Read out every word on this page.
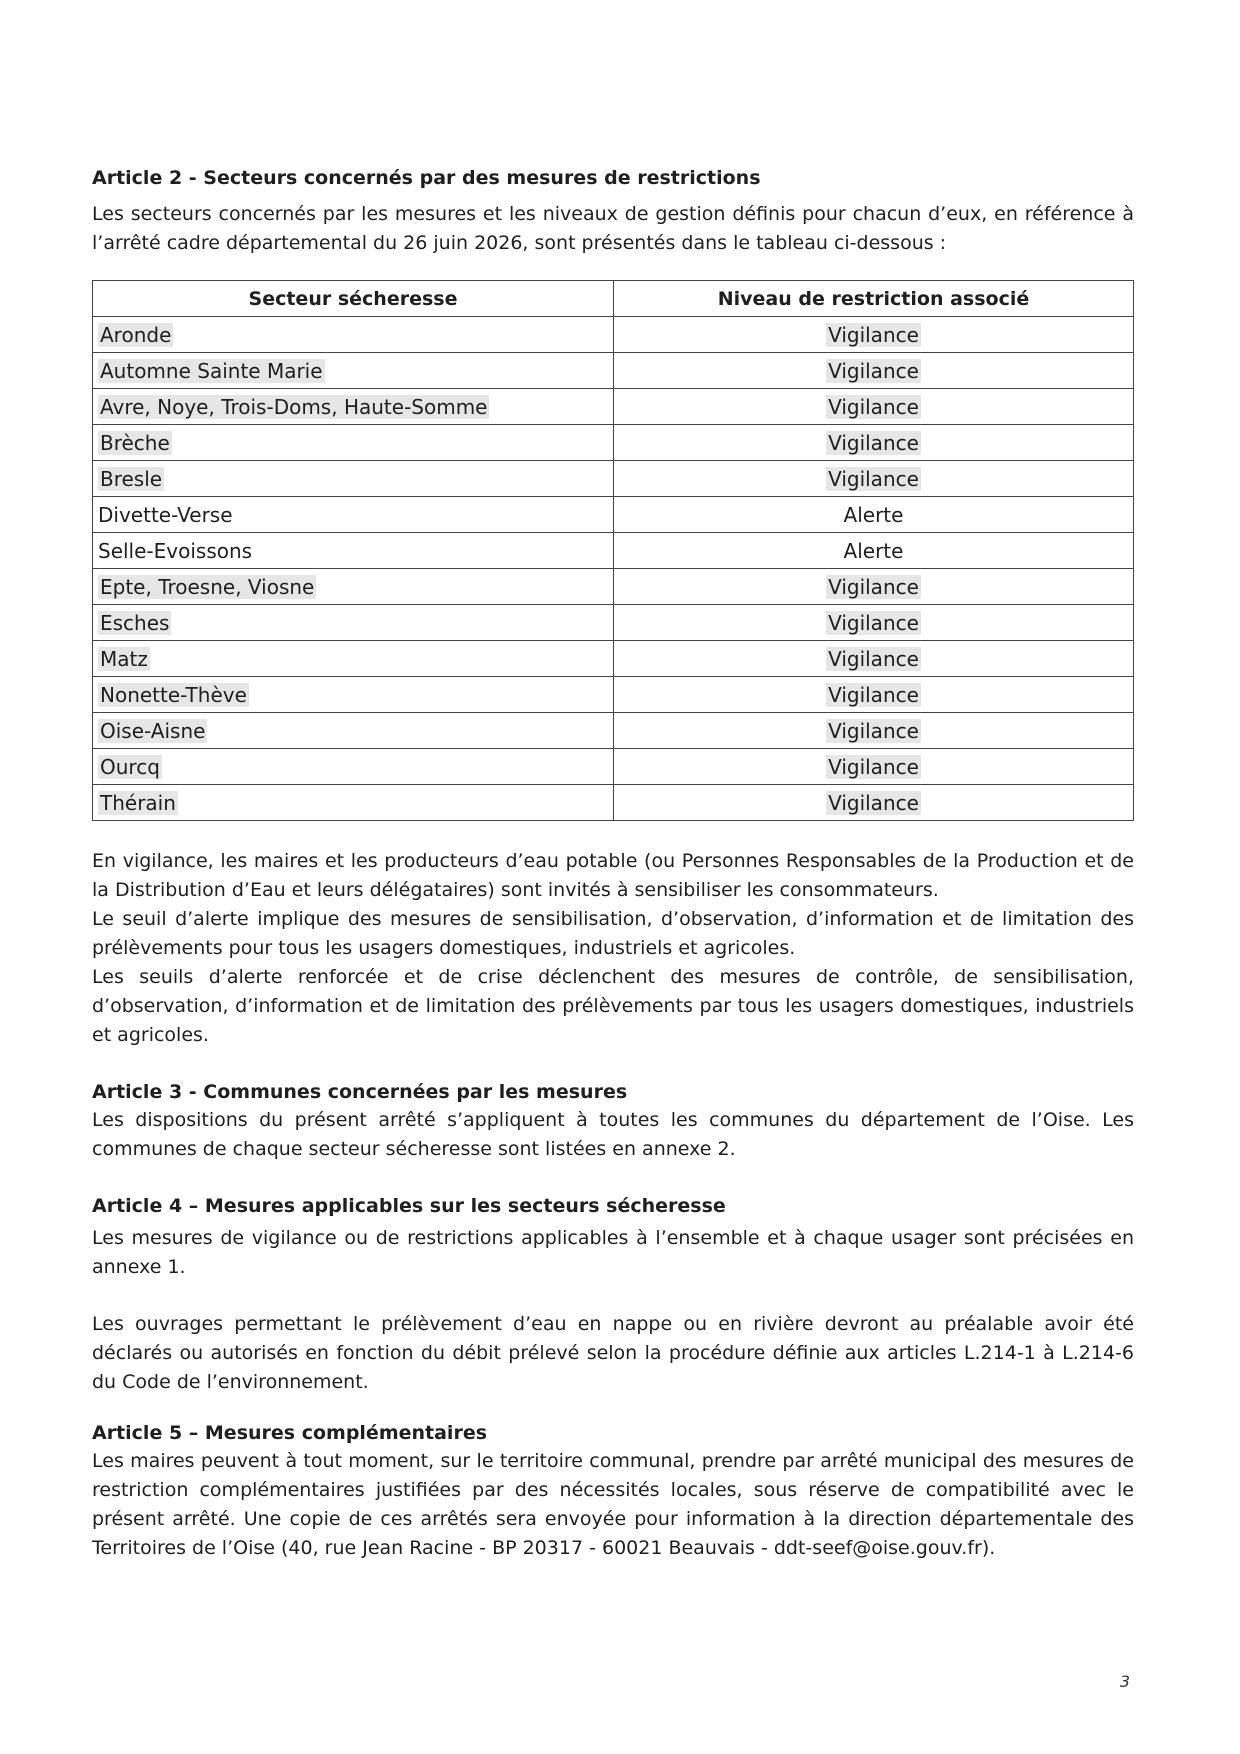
Article 2 - Secteurs concernés par des mesures de restrictions

Les secteurs concernés par les mesures et les niveaux de gestion définis pour chacun d’eux, en référence à l’arrêté cadre départemental du 26 juin 2026, sont présentés dans le tableau ci-dessous :

Secteur sécheresse	Niveau de restriction associé
Aronde	Vigilance
Automne Sainte Marie	Vigilance
Avre, Noye, Trois-Doms, Haute-Somme	Vigilance
Brèche	Vigilance
Bresle	Vigilance
Divette-Verse	Alerte
Selle-Evoissons	Alerte
Epte, Troesne, Viosne	Vigilance
Esches	Vigilance
Matz	Vigilance
Nonette-Thève	Vigilance
Oise-Aisne	Vigilance
Ourcq	Vigilance
Thérain	Vigilance

En vigilance, les maires et les producteurs d’eau potable (ou Personnes Responsables de la Production et de la Distribution d’Eau et leurs délégataires) sont invités à sensibiliser les consommateurs.

Le seuil d’alerte implique des mesures de sensibilisation, d’observation, d’information et de limitation des prélèvements pour tous les usagers domestiques, industriels et agricoles.

Les seuils d’alerte renforcée et de crise déclenchent des mesures de contrôle, de sensibilisation, d’observation, d’information et de limitation des prélèvements par tous les usagers domestiques, industriels et agricoles.

Article 3 - Communes concernées par les mesures

Les dispositions du présent arrêté s’appliquent à toutes les communes du département de l’Oise. Les communes de chaque secteur sécheresse sont listées en annexe 2.

Article 4 – Mesures applicables sur les secteurs sécheresse

Les mesures de vigilance ou de restrictions applicables à l’ensemble et à chaque usager sont précisées en annexe 1.

Les ouvrages permettant le prélèvement d’eau en nappe ou en rivière devront au préalable avoir été déclarés ou autorisés en fonction du débit prélevé selon la procédure définie aux articles L.214-1 à L.214-6 du Code de l’environnement.

Article 5 – Mesures complémentaires

Les maires peuvent à tout moment, sur le territoire communal, prendre par arrêté municipal des mesures de restriction complémentaires justifiées par des nécessités locales, sous réserve de compatibilité avec le présent arrêté. Une copie de ces arrêtés sera envoyée pour information à la direction départementale des Territoires de l’Oise (40, rue Jean Racine - BP 20317 - 60021 Beauvais - ddt-seef@oise.gouv.fr).

3
